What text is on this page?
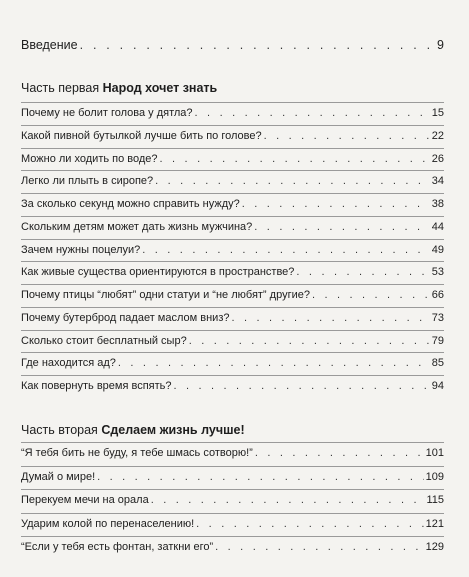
Введение . . .	9
Часть первая Народ хочет знать
Почему не болит голова у дятла? . . .	15
Какой пивной бутылкой лучше бить по голове? . . .	22
Можно ли ходить по воде? . . .	26
Легко ли плыть в сиропе? . . .	34
За сколько секунд можно справить нужду? . . .	38
Скольким детям может дать жизнь мужчина? . . .	44
Зачем нужны поцелуи? . . .	49
Как живые существа ориентируются в пространстве? . . .	53
Почему птицы “любят” одни статуи и “не любят” другие? . . .	66
Почему бутерброд падает маслом вниз? . . .	73
Сколько стоит бесплатный сыр? . . .	79
Где находится ад? . . .	85
Как повернуть время вспять? . . .	94
Часть вторая Сделаем жизнь лучше!
“Я тебя бить не буду, я тебе шмась сотворю!” . . .	101
Думай о мире! . . .	109
Перекуем мечи на орала . . .	115
Ударим колой по перенаселению! . . .	121
“Если у тебя есть фонтан, заткни его” . . .	129
